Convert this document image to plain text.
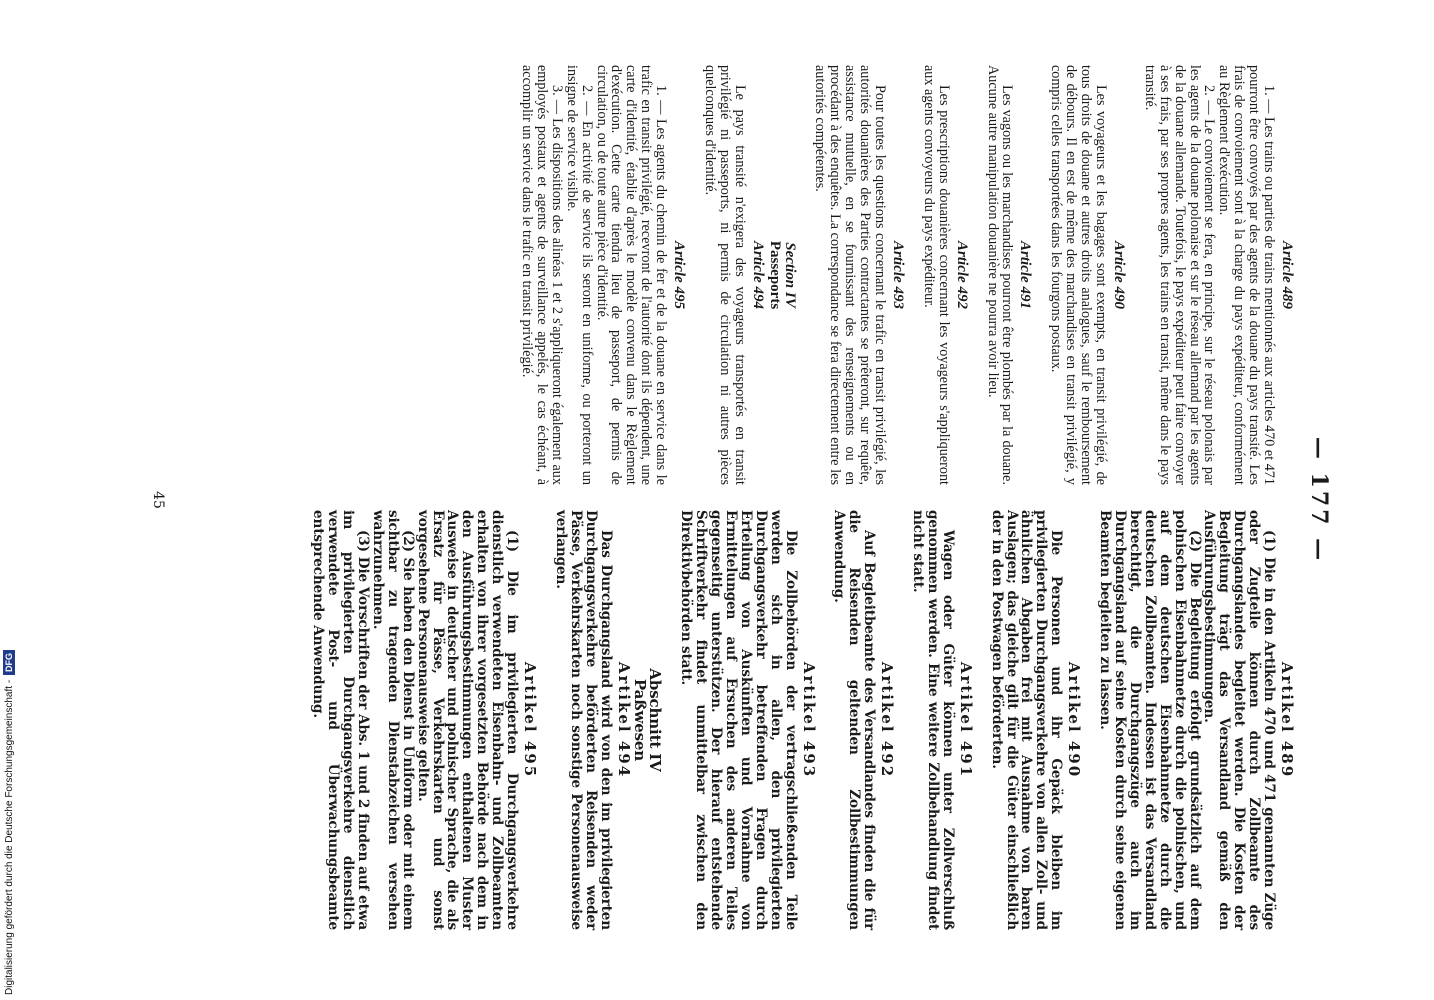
— 177 —
Article 489

1. — Les trains ou parties de trains mentionnés aux articles 470 et 471 pourront être convoyés par des agents de la douane du pays transité. Les frais de convoiement sont à la charge du pays expéditeur, conformément au Règlement d'exécution.

2. — Le convoiement se fera, en principe, sur le réseau polonais par les agents de la douane polonaise et sur le réseau allemand par les agents de la douane allemande. Toutefois, le pays expéditeur peut faire convoyer à ses frais, par ses propres agents, les trains en transit, même dans le pays transité.

Article 490

Les voyageurs et les bagages sont exempts, en transit privilégié, de tous droits de douane et autres droits analogues, sauf le remboursement de débours. Il en est de même des marchandises en transit privilégié, y compris celles transportées dans les fourgons postaux.

Article 491

Les vagons ou les marchandises pourront être plombés par la douane. Aucune autre manipulation douanière ne pourra avoir lieu.

Article 492

Les prescriptions douanières concernant les voyageurs s'appliqueront aux agents convoyeurs du pays expéditeur.

Article 493

Pour toutes les questions concernant le trafic en transit privilégié, les autorités douanières des Parties contractantes se prêteront, sur requête, assistance mutuelle, en se fournissant des renseignements ou en procédant à des enquêtes. La correspondance se fera directement entre les autorités compétentes.

Section IV
Passeports
Article 494

Le pays transité n'exigera des voyageurs transportés en transit privilégié ni passeports, ni permis de circulation ni autres pièces quelconques d'identité.

Article 495

1. — Les agents du chemin de fer et de la douane en service dans le trafic en transit privilégié, recevront de l'autorité dont ils dépendent, une carte d'identité, établie d'après le modèle convenu dans le Règlement d'exécution. Cette carte tiendra lieu de passeport, de permis de circulation, ou de toute autre pièce d'identité.

2. — En activité de service ils seront en uniforme, ou porteront un insigne de service visible.

3. — Les dispositions des alinéas 1 et 2 s'appliqueront également aux employés postaux et agents de surveillance appelés, le cas échéant, à accomplir un service dans le trafic en transit privilégié.

Artikel 489

(1) Die in den Artikeln 470 und 471 genannten Züge oder Zugteile können durch Zollbeamte des Durchgangslandes begleitet werden. Die Kosten der Begleitung trägt das Versandland gemäß den Ausführungsbestimmungen.

(2) Die Begleitung erfolgt grundsätzlich auf dem polnischen Eisenbahnnetze durch die polnischen, und auf dem deutschen Eisenbahnnetze durch die deutschen Zollbeamten. Indessen ist das Versandland berechtigt, die Durchgangszüge auch im Durchgangsland auf seine Kosten durch seine eigenen Beamten begleiten zu lassen.

Artikel 490

Die Personen und ihr Gepäck bleiben im privilegierten Durchgangsverkehre von allen Zoll- und ähnlichen Abgaben frei mit Ausnahme von baren Auslagen; das gleiche gilt für die Güter einschließlich der in den Postwagen beförderten.

Artikel 491

Wagen oder Güter können unter Zollverschluß genommen werden. Eine weitere Zollbehandlung findet nicht statt.

Artikel 492

Auf Begleitbeamte des Versandlandes finden die für die Reisenden geltenden Zollbestimmungen Anwendung.

Artikel 493

Die Zollbehörden der vertragschließenden Teile werden sich in allen, den privilegierten Durchgangsverkehr betreffenden Fragen durch Erteilung von Auskünften und Vornahme von Ermittelungen auf Ersuchen des anderen Teiles gegenseitig unterstützen. Der hierauf entstehende Schriftverkehr findet unmittelbar zwischen den Direktivbehörden statt.

Abschnitt IV
Paßwesen
Artikel 494

Das Durchgangsland wird von den im privilegierten Durchgangsverkehre beförderten Reisenden weder Pässe, Verkehrskarten noch sonstige Personenausweise verlangen.

Artikel 495

(1) Die im privilegierten Durchgangsverkehre dienstlich verwendeten Eisenbahn- und Zollbeamten erhalten von ihrer vorgesetzten Behörde nach dem in den Ausführungsbestimmungen enthaltenen Muster Ausweise in deutscher und polnischer Sprache, die als Ersatz für Pässe, Verkehrskarten und sonst vorgesehene Personenausweise gelten.

(2) Sie haben den Dienst in Uniform oder mit einem sichtbar zu tragenden Dienstabzeichen versehen wahrzunehmen.

(3) Die Vorschriften der Abs. 1 und 2 finden auf etwa im privilegierten Durchgangsverkehre dienstlich verwendete Post- und Überwachungsbeamte entsprechende Anwendung.

45
Digitalisierung gefördert durch die Deutsche Forschungsgemeinschaft - DFG
